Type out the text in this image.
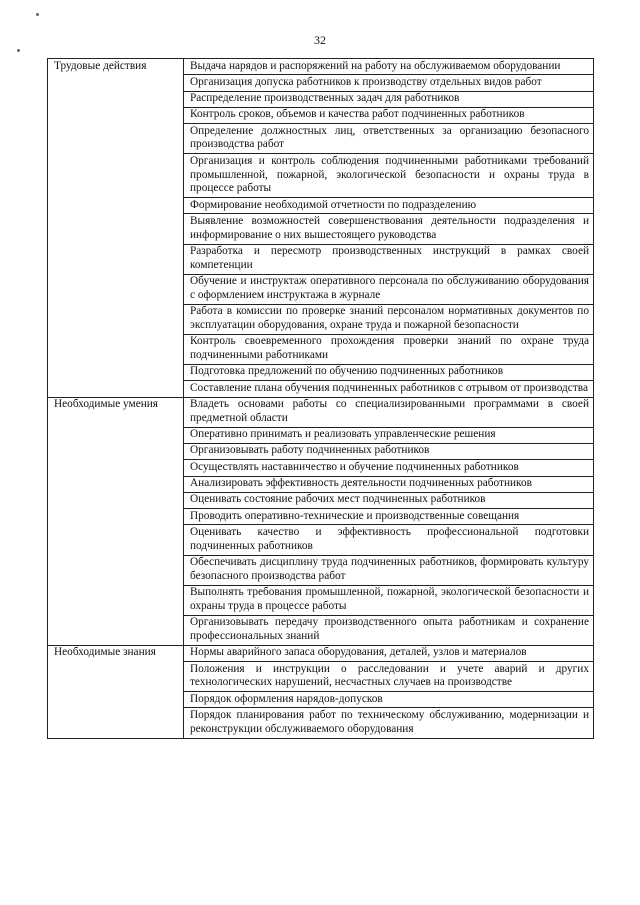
32
Трудовые действия	Выдача нарядов и распоряжений на работу на обслуживаемом оборудовании
	Организация допуска работников к производству отдельных видов работ
	Распределение производственных задач для работников
	Контроль сроков, объемов и качества работ подчиненных работников
	Определение должностных лиц, ответственных за организацию безопасного производства работ
	Организация и контроль соблюдения подчиненными работниками требований промышленной, пожарной, экологической безопасности и охраны труда в процессе работы
	Формирование необходимой отчетности по подразделению
	Выявление возможностей совершенствования деятельности подразделения и информирование о них вышестоящего руководства
	Разработка и пересмотр производственных инструкций в рамках своей компетенции
	Обучение и инструктаж оперативного персонала по обслуживанию оборудования с оформлением инструктажа в журнале
	Работа в комиссии по проверке знаний персоналом нормативных документов по эксплуатации оборудования, охране труда и пожарной безопасности
	Контроль своевременного прохождения проверки знаний по охране труда подчиненными работниками
	Подготовка предложений по обучению подчиненных работников
	Составление плана обучения подчиненных работников с отрывом от производства
Необходимые умения	Владеть основами работы со специализированными программами в своей предметной области
	Оперативно принимать и реализовать управленческие решения
	Организовывать работу подчиненных работников
	Осуществлять наставничество и обучение подчиненных работников
	Анализировать эффективность деятельности подчиненных работников
	Оценивать состояние рабочих мест подчиненных работников
	Проводить оперативно-технические и производственные совещания
	Оценивать качество и эффективность профессиональной подготовки подчиненных работников
	Обеспечивать дисциплину труда подчиненных работников, формировать культуру безопасного производства работ
	Выполнять требования промышленной, пожарной, экологической безопасности и охраны труда в процессе работы
	Организовывать передачу производственного опыта работникам и сохранение профессиональных знаний
Необходимые знания	Нормы аварийного запаса оборудования, деталей, узлов и материалов
	Положения и инструкции о расследовании и учете аварий и других технологических нарушений, несчастных случаев на производстве
	Порядок оформления нарядов-допусков
	Порядок планирования работ по техническому обслуживанию, модернизации и реконструкции обслуживаемого оборудования
